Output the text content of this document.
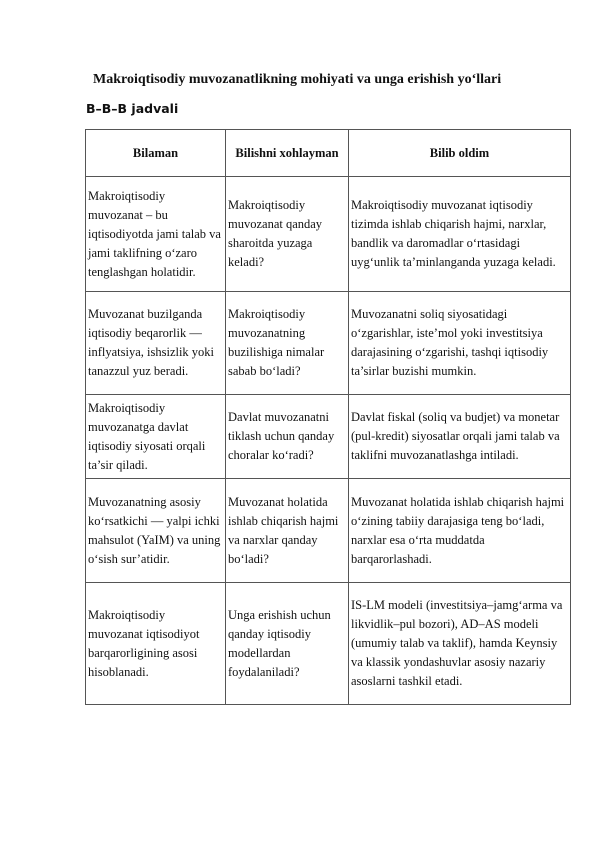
Makroiqtisodiy muvozanatlikning mohiyati va unga erishish yo‘llari
B–B–B jadvali
Bilaman	Bilishni xohlayman	Bilib oldim
Makroiqtisodiy muvozanat – bu iqtisodiyotda jami talab va jami taklifning o‘zaro tenglashgan holatidir.	Makroiqtisodiy muvozanat qanday sharoitda yuzaga keladi?	Makroiqtisodiy muvozanat iqtisodiy tizimda ishlab chiqarish hajmi, narxlar, bandlik va daromadlar o‘rtasidagi uyg‘unlik ta’minlanganda yuzaga keladi.
Muvozanat buzilganda iqtisodiy beqarorlik — inflyatsiya, ishsizlik yoki tanazzul yuz beradi.	Makroiqtisodiy muvozanatning buzilishiga nimalar sabab bo‘ladi?	Muvozanatni soliq siyosatidagi o‘zgarishlar, iste’mol yoki investitsiya darajasining o‘zgarishi, tashqi iqtisodiy ta’sirlar buzishi mumkin.
Makroiqtisodiy muvozanatga davlat iqtisodiy siyosati orqali ta’sir qiladi.	Davlat muvozanatni tiklash uchun qanday choralar ko‘radi?	Davlat fiskal (soliq va budjet) va monetar (pul-kredit) siyosatlar orqali jami talab va taklifni muvozanatlashga intiladi.
Muvozanatning asosiy ko‘rsatkichi — yalpi ichki mahsulot (YaIM) va uning o‘sish sur’atidir.	Muvozanat holatida ishlab chiqarish hajmi va narxlar qanday bo‘ladi?	Muvozanat holatida ishlab chiqarish hajmi o‘zining tabiiy darajasiga teng bo‘ladi, narxlar esa o‘rta muddatda barqarorlashadi.
Makroiqtisodiy muvozanat iqtisodiyot barqarorligining asosi hisoblanadi.	Unga erishish uchun qanday iqtisodiy modellardan foydalaniladi?	IS-LM modeli (investitsiya–jamg‘arma va likvidlik–pul bozori), AD–AS modeli (umumiy talab va taklif), hamda Keynsiy va klassik yondashuvlar asosiy nazariy asoslarni tashkil etadi.
